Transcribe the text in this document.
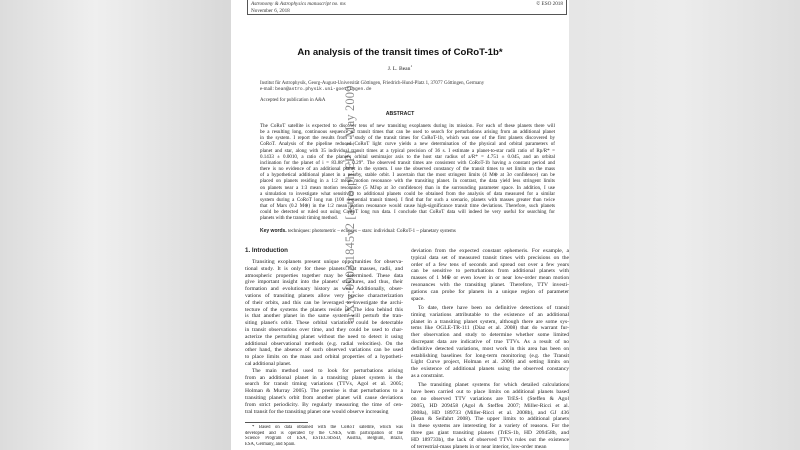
arXiv:0903.1845v2 [astro-ph.EP] 1 May 2009
Astronomy & Astrophysics manuscript no. ms
November 6, 2018
© ESO 2018
An analysis of the transit times of CoRoT-1b*
J. L. Bean$^1$
Institut für Astrophysik, Georg-August-Universität Göttingen, Friedrich-Hund-Platz 1, 37077 Göttingen, Germany
e-mail: bean@astro.physik.uni-goettingen.de
Accepted for publication in A&A
ABSTRACT
The CoRoT satellite is expected to discover tens of new transiting exoplanets during its mission. For each of these planets there will
be a resulting long, continuous sequence of transit times that can be used to search for perturbations arising from an additional planet
in the system. I report the results from a study of the transit times for CoRoT-1b, which was one of the first planets discovered by
CoRoT. Analysis of the pipeline reduced CoRoT light curve yields a new determination of the physical and orbital parameters of
planet and star, along with 35 individual transit times at a typical precision of 36 s. I estimate a planet-to-star radii ratio of Rp/R* =
0.1433 ± 0.0010, a ratio of the planet's orbital semimajor axis to the host star radius of a/R* = 4.751 ± 0.045, and an orbital
inclination for the planet of i = 83.88° ± 0.29°. The observed transit times are consistent with CoRoT-1b having a constant period and
there is no evidence of an additional planet in the system. I use the observed constancy of the transit times to set limits on the mass
of a hypothetical additional planet in a nearby, stable orbit. I ascertain that the most stringent limits (4 M⊕ at 3σ confidence) can be
placed on planets residing in a 1:2 mean motion resonance with the transiting planet. In contrast, the data yield less stringent limits
on planets near a 1:3 mean motion resonance (5 MJup at 3σ confidence) than in the surrounding parameter space. In addition, I use
a simulation to investigate what sensitivity to additional planets could be obtained from the analysis of data measured for a similar
system during a CoRoT long run (100 sequential transit times). I find that for such a scenario, planets with masses greater than twice
that of Mars (0.2 M⊕) in the 1:2 mean motion resonance would cause high-significance transit time deviations. Therefore, such planets
could be detected or ruled out using CoRoT long run data. I conclude that CoRoT data will indeed be very useful for searching for
planets with the transit timing method.
Key words. techniques: photometric – eclipses – stars: individual: CoRoT-1 – planetary systems
1. Introduction
Transiting exoplanets present unique opportunities for observa-
tional study. It is only for these planets that masses, radii, and
atmospheric properties together may be determined. These data
give important insight into the planets' structures, and thus, their
formation and evolutionary history as well. Additionally, obser-
vations of transiting planets allow very precise characterization
of their orbits, and this can be leveraged to investigate the archi-
tecture of the systems the planets reside in. The idea behind this
is that another planet in the same system will perturb the tran-
siting planet's orbit. These orbital variations could be detectable
in transit observations over time, and they could be used to char-
acterize the perturbing planet without the need to detect it using
additional observational methods (e.g. radial velocities). On the
other hand, the absence of such observed variations can be used
to place limits on the mass and orbital properties of a hypotheti-
cal additional planet.
The main method used to look for perturbations arising
from an additional planet in a transiting planet system is the
search for transit timing variations (TTVs, Agol et al. 2005;
Holman & Murray 2005). The premise is that perturbations to a
transiting planet's orbit from another planet will cause deviations
from strict periodicity. By regularly measuring the time of cen-
tral transit for the transiting planet one would observe increasing
deviation from the expected constant ephemeris. For example, a
typical data set of measured transit times with precisions on the
order of a few tens of seconds and spread out over a few years
can be sensitive to perturbations from additional planets with
masses of 1 M⊕ or even lower in or near low-order mean motion
resonances with the transiting planet. Therefore, TTV investi-
gations can probe for planets in a unique region of parameter
space.
To date, there have been no definitive detections of transit
timing variations attributable to the existence of an additional
planet in a transiting planet system, although there are some sys-
tems like OGLE-TR-111 (Díaz et al. 2008) that do warrant fur-
ther observation and study to determine whether some limited
discrepant data are indicative of true TTVs. As a result of no
definitive detected variations, most work in this area has been on
establishing baselines for long-term monitoring (e.g. the Transit
Light Curve project, Holman et al. 2006) and setting limits on
the existence of additional planets using the observed constancy
as a constraint.
The transiting planet systems for which detailed calculations
have been carried out to place limits on additional planets based
on no observed TTV variations are TrES-1 (Steffen & Agol
2005), HD 209458 (Agol & Steffen 2007; Miller-Ricci et al.
2008a), HD 189733 (Miller-Ricci et al. 2008b), and GJ 436
(Bean & Seifahrt 2008). The upper limits to additional planets
in these systems are interesting for a variety of reasons. For the
three gas giant transiting planets (TrES-1b, HD 209458b, and
HD 189733b), the lack of observed TTVs rules out the existence
of terrestrial-mass planets in or near interior, low-order mean
* Based on data obtained with the CoRoT satellite, which was
developed and is operated by the CNES, with participation of the
Science Program of ESA, ESTEC/RSSD, Austria, Belgium, Brazil,
ESA, Germany, and Spain.
